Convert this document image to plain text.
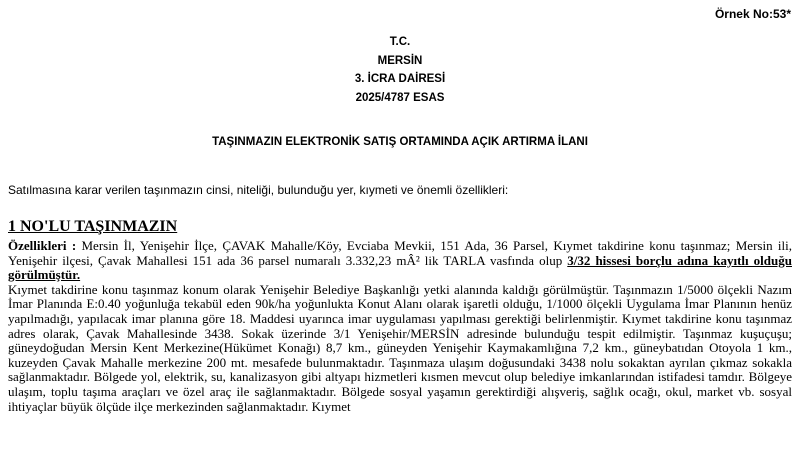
Örnek No:53*
T.C.
MERSİN
3. İCRA DAİRESİ
2025/4787 ESAS
TAŞINMAZIN ELEKTRONİK SATIŞ ORTAMINDA AÇIK ARTIRMA İLANI
Satılmasına karar verilen taşınmazın cinsi, niteliği, bulunduğu yer, kıymeti ve önemli özellikleri:
1 NO'LU TAŞINMAZIN

Özellikleri : Mersin İl, Yenişehir İlçe, ÇAVAK Mahalle/Köy, Evciaba Mevkii, 151 Ada, 36 Parsel, Kıymet takdirine konu taşınmaz; Mersin ili, Yenişehir ilçesi, Çavak Mahallesi 151 ada 36 parsel numaralı 3.332,23 mÂ² lik TARLA vasfında olup 3/32 hissesi borçlu adına kayıtlı olduğu görülmüştür.

Kıymet takdirine konu taşınmaz konum olarak Yenişehir Belediye Başkanlığı yetki alanında kaldığı görülmüştür. Taşınmazın 1/5000 ölçekli Nazım İmar Planında E:0.40 yoğunluğa tekabül eden 90k/ha yoğunlukta Konut Alanı olarak işaretli olduğu, 1/1000 ölçekli Uygulama İmar Planının henüz yapılmadığı, yapılacak imar planına göre 18. Maddesi uyarınca imar uygulaması yapılması gerektiği belirlenmiştir. Kıymet takdirine konu taşınmaz adres olarak, Çavak Mahallesinde 3438. Sokak üzerinde 3/1 Yenişehir/MERSİN adresinde bulunduğu tespit edilmiştir. Taşınmaz kuşuçuşu; güneydoğudan Mersin Kent Merkezine(Hükümet Konağı) 8,7 km., güneyden Yenişehir Kaymakamlığına 7,2 km., güneybatıdan Otoyola 1 km., kuzeyden Çavak Mahalle merkezine 200 mt. mesafede bulunmaktadır. Taşınmaza ulaşım doğusundaki 3438 nolu sokaktan ayrılan çıkmaz sokakla sağlanmaktadır. Bölgede yol, elektrik, su, kanalizasyon gibi altyapı hizmetleri kısmen mevcut olup belediye imkanlarından istifadesi tamdır. Bölgeye ulaşım, toplu taşıma araçları ve özel araç ile sağlanmaktadır. Bölgede sosyal yaşamın gerektirdiği alışveriş, sağlık ocağı, okul, market vb. sosyal ihtiyaçlar büyük ölçüde ilçe merkezinden sağlanmaktadır. Kıymet
